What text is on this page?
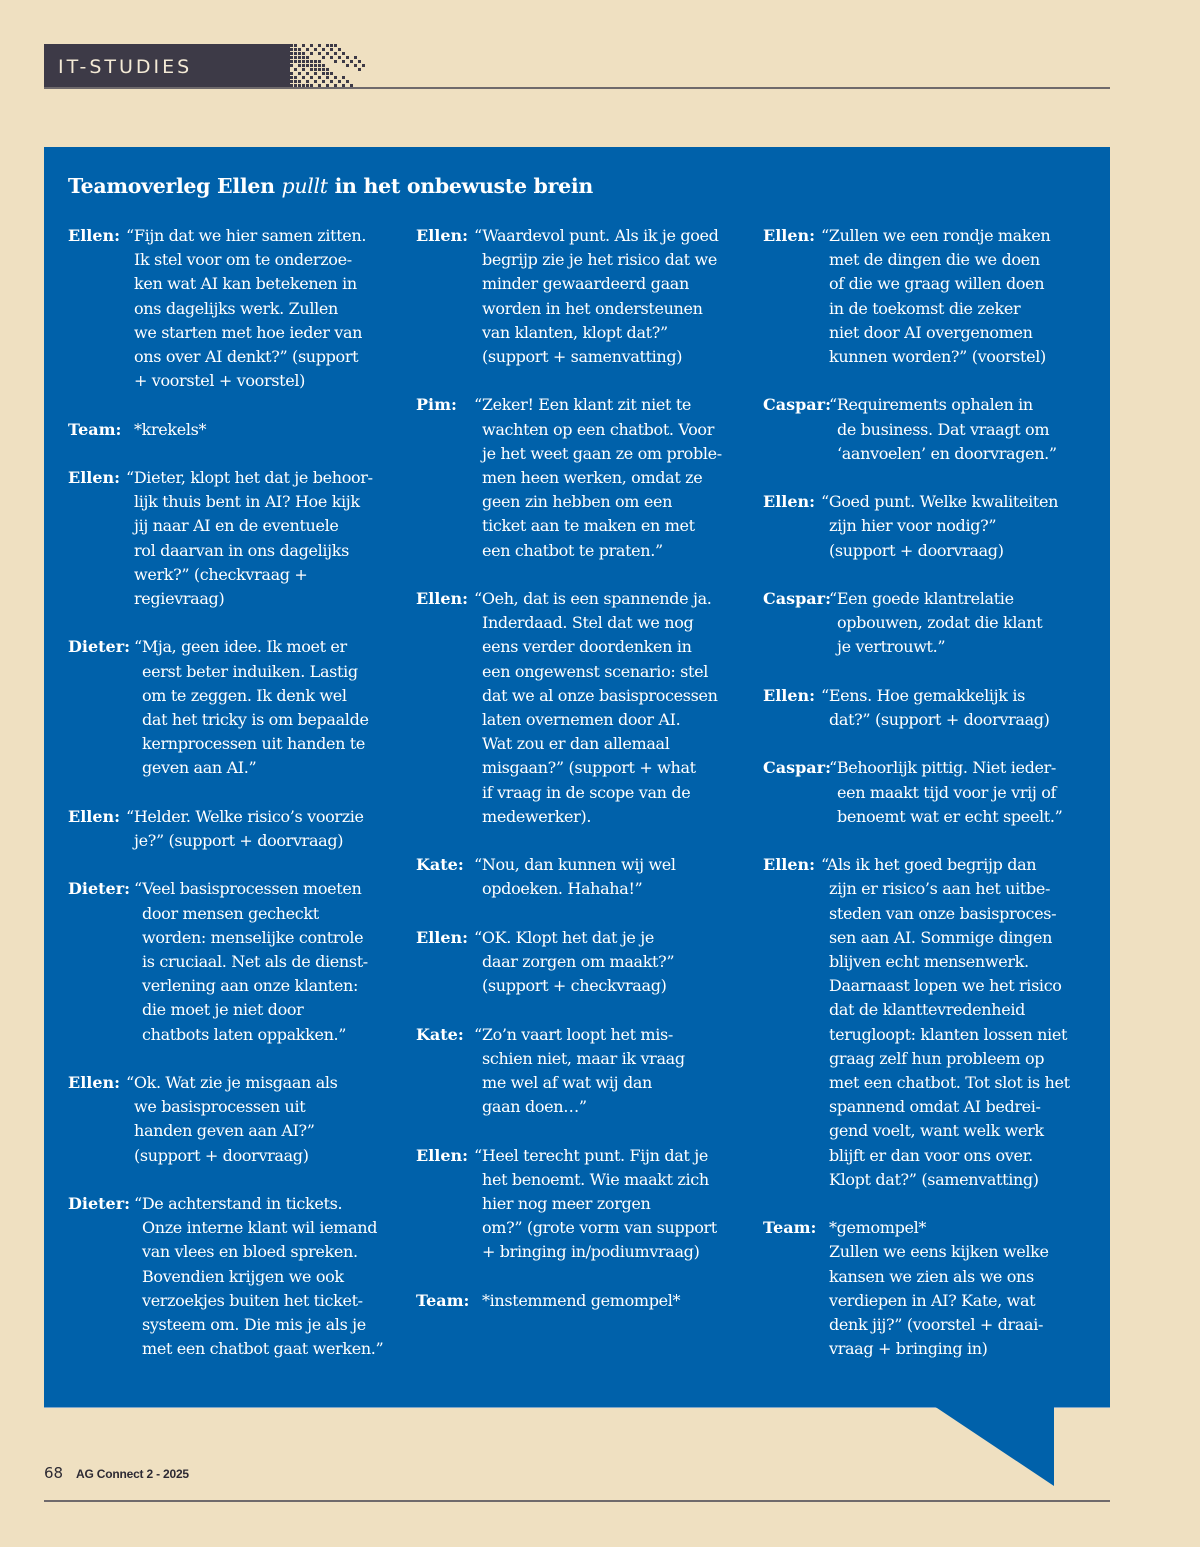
IT-STUDIES
Teamoverleg Ellen pullt in het onbewuste brein
Ellen: “Fijn dat we hier samen zitten.
Ik stel voor om te onderzoe-
ken wat AI kan betekenen in
ons dagelijks werk. Zullen
we starten met hoe ieder van
ons over AI denkt?” (support
+ voorstel + voorstel)
Team: *krekels*
Ellen: “Dieter, klopt het dat je behoor-
lijk thuis bent in AI? Hoe kijk
jij naar AI en de eventuele
rol daarvan in ons dagelijks
werk?” (checkvraag +
regievraag)
Dieter: “Mja, geen idee. Ik moet er
eerst beter induiken. Lastig
om te zeggen. Ik denk wel
dat het tricky is om bepaalde
kernprocessen uit handen te
geven aan AI.”
Ellen: “Helder. Welke risico’s voorzie
je?” (support + doorvraag)
Dieter: “Veel basisprocessen moeten
door mensen gecheckt
worden: menselijke controle
is cruciaal. Net als de dienst-
verlening aan onze klanten:
die moet je niet door
chatbots laten oppakken.”
Ellen: “Ok. Wat zie je misgaan als
we basisprocessen uit
handen geven aan AI?”
(support + doorvraag)
Dieter: “De achterstand in tickets.
Onze interne klant wil iemand
van vlees en bloed spreken.
Bovendien krijgen we ook
verzoekjes buiten het ticket-
systeem om. Die mis je als je
met een chatbot gaat werken.”
Ellen: “Waardevol punt. Als ik je goed
begrijp zie je het risico dat we
minder gewaardeerd gaan
worden in het ondersteunen
van klanten, klopt dat?”
(support + samenvatting)
Pim:	“Zeker! Een klant zit niet te
wachten op een chatbot. Voor
je het weet gaan ze om proble-
men heen werken, omdat ze
geen zin hebben om een
ticket aan te maken en met
een chatbot te praten.”
Ellen: “Oeh, dat is een spannende ja.
Inderdaad. Stel dat we nog
eens verder doordenken in
een ongewenst scenario: stel
dat we al onze basisprocessen
laten overnemen door AI.
Wat zou er dan allemaal
misgaan?” (support + what
if vraag in de scope van de
medewerker).
Kate: “Nou, dan kunnen wij wel
opdoeken. Hahaha!”
Ellen: “OK. Klopt het dat je je
daar zorgen om maakt?”
(support + checkvraag)
Kate: “Zo’n vaart loopt het mis-
schien niet, maar ik vraag
me wel af wat wij dan
gaan doen…”
Ellen: “Heel terecht punt. Fijn dat je
het benoemt. Wie maakt zich
hier nog meer zorgen
om?” (grote vorm van support
+ bringing in/podiumvraag)
Team: *instemmend gemompel*
Ellen: “Zullen we een rondje maken
met de dingen die we doen
of die we graag willen doen
in de toekomst die zeker
niet door AI overgenomen
kunnen worden?” (voorstel)
Caspar:
“Requirements ophalen in
de business. Dat vraagt om
‘aanvoelen’ en doorvragen.”
Ellen: “Goed punt. Welke kwaliteiten
zijn hier voor nodig?”
(support + doorvraag)
Caspar:
“Een goede klantrelatie
opbouwen, zodat die klant
je vertrouwt.”
Ellen: “Eens. Hoe gemakkelijk is
dat?” (support + doorvraag)
Caspar:
“Behoorlijk pittig. Niet ieder-
een maakt tijd voor je vrij of
benoemt wat er echt speelt.”
Ellen: “Als ik het goed begrijp dan
zijn er risico’s aan het uitbe-
steden van onze basisproces-
sen aan AI. Sommige dingen
blijven echt mensenwerk.
Daarnaast lopen we het risico
dat de klanttevredenheid
terugloopt: klanten lossen niet
graag zelf hun probleem op
met een chatbot. Tot slot is het
spannend omdat AI bedrei-
gend voelt, want welk werk
blijft er dan voor ons over.
Klopt dat?” (samenvatting)
Team: *gemompel*
Zullen we eens kijken welke
kansen we zien als we ons
verdiepen in AI? Kate, wat
denk jij?” (voorstel + draai-
vraag + bringing in)
68 AG Connect 2 - 2025
